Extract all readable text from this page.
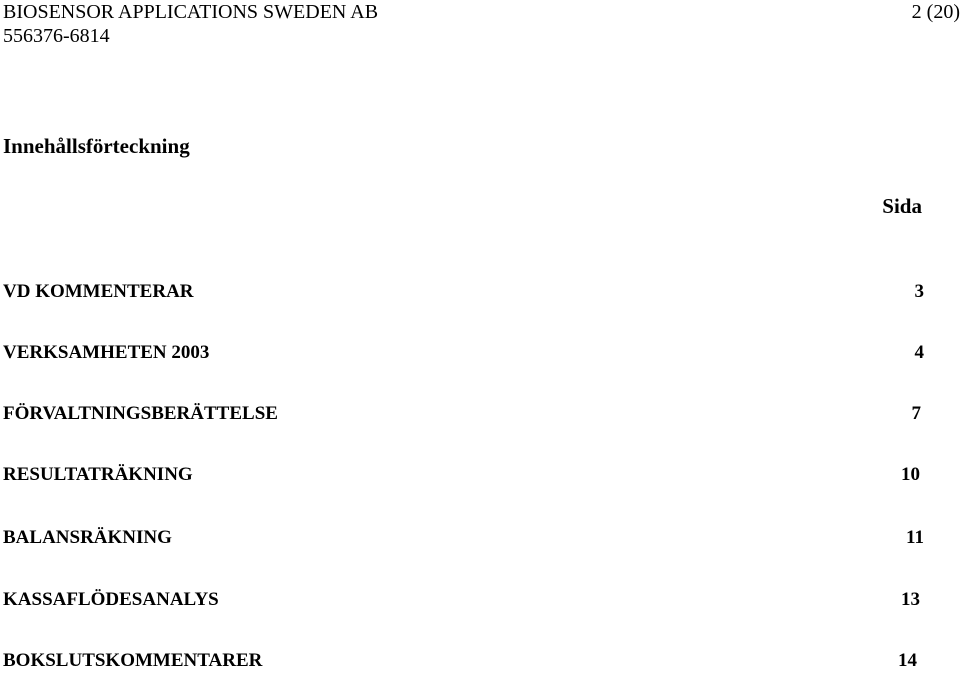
BIOSENSOR APPLICATIONS SWEDEN AB
556376-6814
2 (20)
Innehållsförteckning
Sida
VD KOMMENTERAR	3
VERKSAMHETEN 2003	4
FÖRVALTNINGSBERÄTTELSE	7
RESULTATRÄKNING	10
BALANSRÄKNING	11
KASSAFLÖDESANALYS	13
BOKSLUTSKOMMENTARER	14
